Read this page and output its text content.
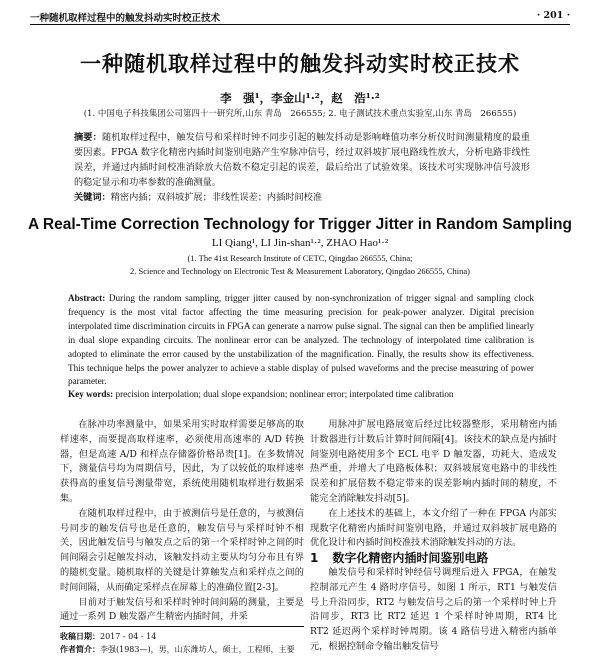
一种随机取样过程中的触发抖动实时校正技术	· 201 ·
一种随机取样过程中的触发抖动实时校正技术
李　强¹，李金山¹·²，赵　浩¹·²
(1. 中国电子科技集团公司第四十一研究所,山东 青岛　266555; 2. 电子测试技术重点实验室,山东 青岛　266555)
摘要：随机取样过程中，触发信号和采样时钟不同步引起的触发抖动是影响峰值功率分析仪时间测量精度的最重要因素。FPGA 数字化精密内插时间鉴别电路产生窄脉冲信号，经过双斜坡扩展电路线性放大，分析电路非线性误差，并通过内插时间校准消除放大倍数不稳定引起的误差，最后给出了试验效果。该技术可实现脉冲信号波形的稳定显示和功率参数的准确测量。
关键词：精密内插；双斜坡扩展；非线性误差；内插时间校准
A Real-Time Correction Technology for Trigger Jitter in Random Sampling
LI Qiang¹, LI Jin-shan¹·², ZHAO Hao¹·²
(1. The 41st Research Institute of CETC, Qingdao 266555, China;
2. Science and Technology on Electronic Test & Measurement Laboratory, Qingdao 266555, China)
Abstract: During the random sampling, trigger jitter caused by non-synchronization of trigger signal and sampling clock frequency is the most vital factor affecting the time measuring precision for peak-power analyzer. Digital precision interpolated time discrimination circuits in FPGA can generate a narrow pulse signal. The signal can then be amplified linearly in dual slope expanding circuits. The nonlinear error can be analyzed. The technology of interpolated time calibration is adopted to eliminate the error caused by the unstabilization of the magnification. Finally, the results show its effectiveness. This technique helps the power analyzer to achieve a stable display of pulsed waveforms and the precise measuring of power parameter.
Key words: precision interpolation; dual slope expandsion; nonlinear error; interpolated time calibration

在脉冲功率测量中，如果采用实时取样需要足够高的取样速率，而要提高取样速率，必须使用高速率的 A/D 转换器，但是高速 A/D 和样点存储器价格昂贵[1]。在多数情况下，测量信号均为周期信号，因此，为了以较低的取样速率获得高的重复信号测量带宽，系统使用随机取样进行数据采集。

在随机取样过程中，由于被测信号是任意的，与被测信号同步的触发信号也是任意的，触发信号与采样时钟不相关，因此触发信号与触发点之后的第一个采样时钟之间的时间间隔会引起触发抖动，该触发抖动主要从均匀分布且有界的随机变量。随机取样的关键是计算触发点和采样点之间的时间间隔，从而确定采样点在屏幕上的准确位置[2-3]。

目前对于触发信号和采样时钟时间间隔的测量，主要是通过一系列 D 触发器产生精密内插时间，并采

用脉冲扩展电路展宽后经过比较器整形，采用精密内插计数器进行计数后计算时间间隔[4]。该技术的缺点是内插时间鉴别电路使用多个 ECL 电平 D 触发器，功耗大、造成发热严重，并增大了电路板体积；双斜坡展宽电路中的非线性误差和扩展倍数不稳定带来的误差影响内插时间的精度，不能完全消除触发抖动[5]。

在上述技术的基础上，本文介绍了一种在 FPGA 内部实现数字化精密内插时间鉴别电路，并通过双斜坡扩展电路的优化设计和内插时间校准技术消除触发抖动的方法。

1 数字化精密内插时间鉴别电路

触发信号和采样时钟经信号调理后进入 FPGA，在触发控制部元产生 4 路时序信号，如图 1 所示，RT1 与触发信号上升沿同步，RT2 与触发信号之后的第一个采样时钟上升沿同步，RT3 比 RT2 延迟 1 个采样时钟周期，RT4 比 RT2 延迟两个采样时钟周期。该 4 路信号进入精密内插单元，根据控制命令输出触发信号

收稿日期：2017 - 04 - 14
作者简介：李强(1983—)，男，山东潍坊人，硕士，工程师，主要
